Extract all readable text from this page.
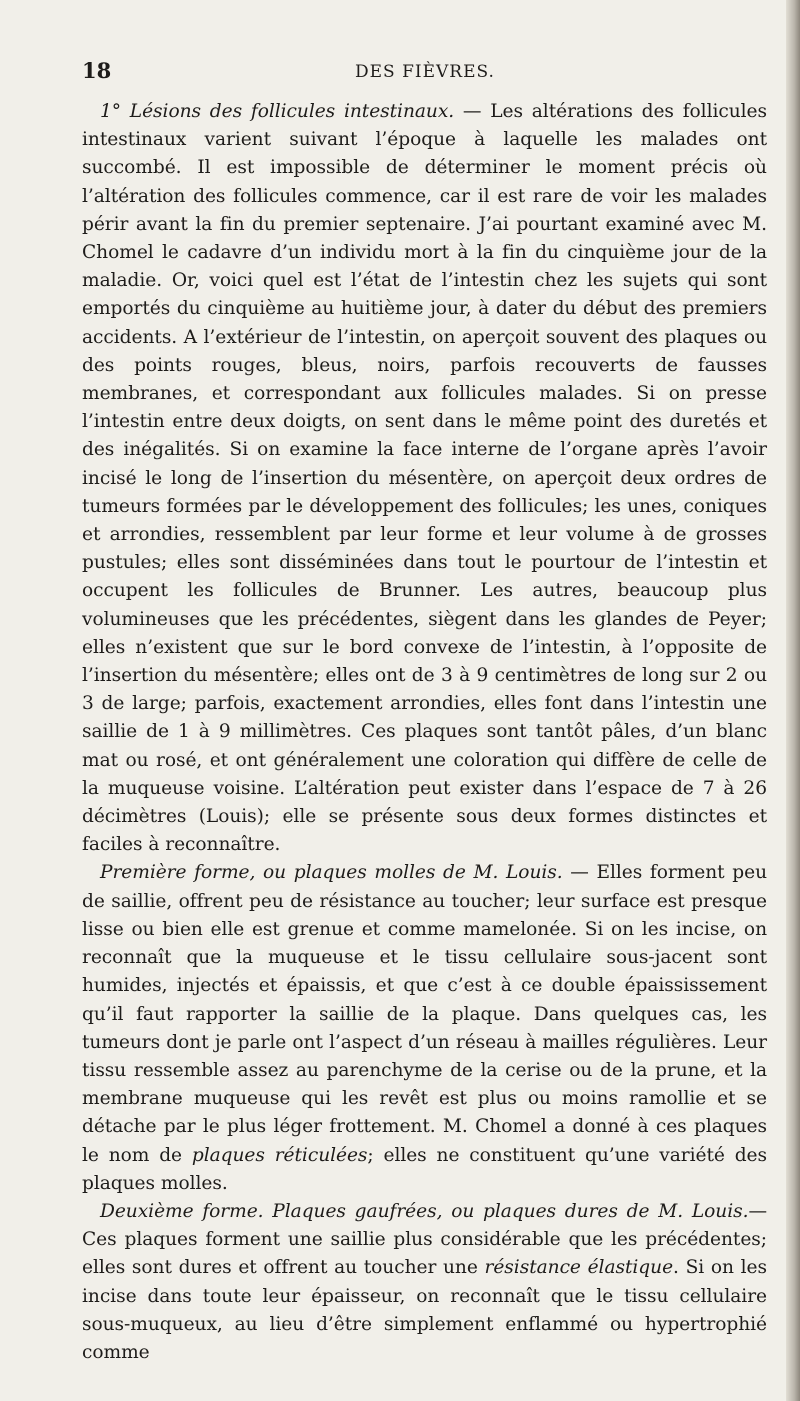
18	DES FIÈVRES.

1° Lésions des follicules intestinaux. — Les altérations des follicules intestinaux varient suivant l’époque à laquelle les malades ont succombé. Il est impossible de déterminer le moment précis où l’altération des follicules commence, car il est rare de voir les malades périr avant la fin du premier septenaire. J’ai pourtant examiné avec M. Chomel le cadavre d’un individu mort à la fin du cinquième jour de la maladie. Or, voici quel est l’état de l’intestin chez les sujets qui sont emportés du cinquième au huitième jour, à dater du début des premiers accidents. A l’extérieur de l’intestin, on aperçoit souvent des plaques ou des points rouges, bleus, noirs, parfois recouverts de fausses membranes, et correspondant aux follicules malades. Si on presse l’intestin entre deux doigts, on sent dans le même point des duretés et des inégalités. Si on examine la face interne de l’organe après l’avoir incisé le long de l’insertion du mésentère, on aperçoit deux ordres de tumeurs formées par le développement des follicules; les unes, coniques et arrondies, ressemblent par leur forme et leur volume à de grosses pustules; elles sont disséminées dans tout le pourtour de l’intestin et occupent les follicules de Brunner. Les autres, beaucoup plus volumineuses que les précédentes, siègent dans les glandes de Peyer; elles n’existent que sur le bord convexe de l’intestin, à l’opposite de l’insertion du mésentère; elles ont de 3 à 9 centimètres de long sur 2 ou 3 de large; parfois, exactement arrondies, elles font dans l’intestin une saillie de 1 à 9 millimètres. Ces plaques sont tantôt pâles, d’un blanc mat ou rosé, et ont généralement une coloration qui diffère de celle de la muqueuse voisine. L’altération peut exister dans l’espace de 7 à 26 décimètres (Louis); elle se présente sous deux formes distinctes et faciles à reconnaître.

Première forme, ou plaques molles de M. Louis. — Elles forment peu de saillie, offrent peu de résistance au toucher; leur surface est presque lisse ou bien elle est grenue et comme mamelonée. Si on les incise, on reconnaît que la muqueuse et le tissu cellulaire sous-jacent sont humides, injectés et épaissis, et que c’est à ce double épaississement qu’il faut rapporter la saillie de la plaque. Dans quelques cas, les tumeurs dont je parle ont l’aspect d’un réseau à mailles régulières. Leur tissu ressemble assez au parenchyme de la cerise ou de la prune, et la membrane muqueuse qui les revêt est plus ou moins ramollie et se détache par le plus léger frottement. M. Chomel a donné à ces plaques le nom de plaques réticulées; elles ne constituent qu’une variété des plaques molles.

Deuxième forme. Plaques gaufrées, ou plaques dures de M. Louis.— Ces plaques forment une saillie plus considérable que les précédentes; elles sont dures et offrent au toucher une résistance élastique. Si on les incise dans toute leur épaisseur, on reconnaît que le tissu cellulaire sous-muqueux, au lieu d’être simplement enflammé ou hypertrophié comme
